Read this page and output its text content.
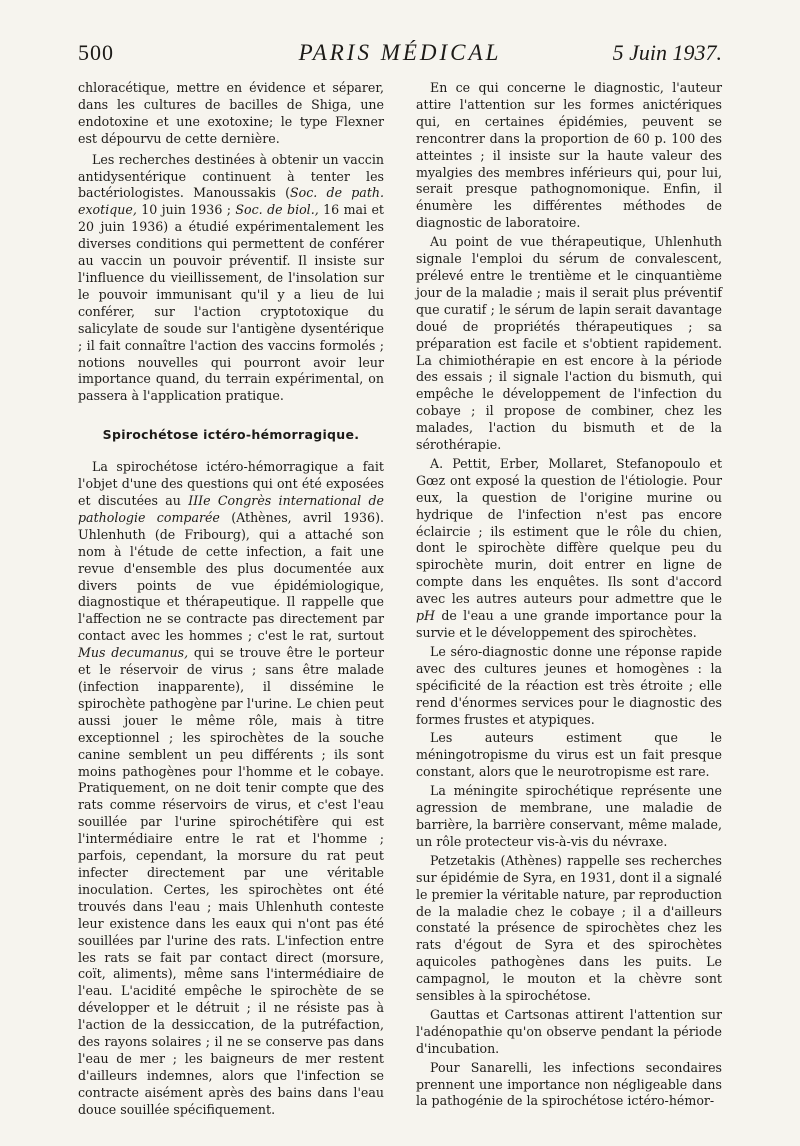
500	PARIS MÉDICAL	5 Juin 1937.

chloracétique, mettre en évidence et séparer, dans les cultures de bacilles de Shiga, une endotoxine et une exotoxine; le type Flexner est dépourvu de cette dernière.

Les recherches destinées à obtenir un vaccin antidysentérique continuent à tenter les bactériologistes. Manoussakis (Soc. de path. exotique, 10 juin 1936 ; Soc. de biol., 16 mai et 20 juin 1936) a étudié expérimentalement les diverses conditions qui permettent de conférer au vaccin un pouvoir préventif. Il insiste sur l'influence du vieillissement, de l'insolation sur le pouvoir immunisant qu'il y a lieu de lui conférer, sur l'action cryptotoxique du salicylate de soude sur l'antigène dysentérique ; il fait connaître l'action des vaccins formolés ; notions nouvelles qui pourront avoir leur importance quand, du terrain expérimental, on passera à l'application pratique.

Spirochétose ictéro-hémorragique.

La spirochétose ictéro-hémorragique a fait l'objet d'une des questions qui ont été exposées et discutées au IIIe Congrès international de pathologie comparée (Athènes, avril 1936). Uhlenhuth (de Fribourg), qui a attaché son nom à l'étude de cette infection, a fait une revue d'ensemble des plus documentée aux divers points de vue épidémiologique, diagnostique et thérapeutique. Il rappelle que l'affection ne se contracte pas directement par contact avec les hommes ; c'est le rat, surtout Mus decumanus, qui se trouve être le porteur et le réservoir de virus ; sans être malade (infection inapparente), il dissémine le spirochète pathogène par l'urine. Le chien peut aussi jouer le même rôle, mais à titre exceptionnel ; les spirochètes de la souche canine semblent un peu différents ; ils sont moins pathogènes pour l'homme et le cobaye. Pratiquement, on ne doit tenir compte que des rats comme réservoirs de virus, et c'est l'eau souillée par l'urine spirochétifère qui est l'intermédiaire entre le rat et l'homme ; parfois, cependant, la morsure du rat peut infecter directement par une véritable inoculation. Certes, les spirochètes ont été trouvés dans l'eau ; mais Uhlenhuth conteste leur existence dans les eaux qui n'ont pas été souillées par l'urine des rats. L'infection entre les rats se fait par contact direct (morsure, coït, aliments), même sans l'intermédiaire de l'eau. L'acidité empêche le spirochète de se développer et le détruit ; il ne résiste pas à l'action de la dessiccation, de la putréfaction, des rayons solaires ; il ne se conserve pas dans l'eau de mer ; les baigneurs de mer restent d'ailleurs indemnes, alors que l'infection se contracte aisément après des bains dans l'eau douce souillée spécifiquement.

En ce qui concerne le diagnostic, l'auteur attire l'attention sur les formes anictériques qui, en certaines épidémies, peuvent se rencontrer dans la proportion de 60 p. 100 des atteintes ; il insiste sur la haute valeur des myalgies des membres inférieurs qui, pour lui, serait presque pathognomonique. Enfin, il énumère les différentes méthodes de diagnostic de laboratoire.

Au point de vue thérapeutique, Uhlenhuth signale l'emploi du sérum de convalescent, prélevé entre le trentième et le cinquantième jour de la maladie ; mais il serait plus préventif que curatif ; le sérum de lapin serait davantage doué de propriétés thérapeutiques ; sa préparation est facile et s'obtient rapidement. La chimiothérapie en est encore à la période des essais ; il signale l'action du bismuth, qui empêche le développement de l'infection du cobaye ; il propose de combiner, chez les malades, l'action du bismuth et de la sérothérapie.

A. Pettit, Erber, Mollaret, Stefanopoulo et Gœz ont exposé la question de l'étiologie. Pour eux, la question de l'origine murine ou hydrique de l'infection n'est pas encore éclaircie ; ils estiment que le rôle du chien, dont le spirochète diffère quelque peu du spirochète murin, doit entrer en ligne de compte dans les enquêtes. Ils sont d'accord avec les autres auteurs pour admettre que le pH de l'eau a une grande importance pour la survie et le développement des spirochètes.

Le séro-diagnostic donne une réponse rapide avec des cultures jeunes et homogènes : la spécificité de la réaction est très étroite ; elle rend d'énormes services pour le diagnostic des formes frustes et atypiques.

Les auteurs estiment que le méningotropisme du virus est un fait presque constant, alors que le neurotropisme est rare.

La méningite spirochétique représente une agression de membrane, une maladie de barrière, la barrière conservant, même malade, un rôle protecteur vis-à-vis du névraxe.

Petzetakis (Athènes) rappelle ses recherches sur épidémie de Syra, en 1931, dont il a signalé le premier la véritable nature, par reproduction de la maladie chez le cobaye ; il a d'ailleurs constaté la présence de spirochètes chez les rats d'égout de Syra et des spirochètes aquicoles pathogènes dans les puits. Le campagnol, le mouton et la chèvre sont sensibles à la spirochétose.

Gauttas et Cartsonas attirent l'attention sur l'adénopathie qu'on observe pendant la période d'incubation.

Pour Sanarelli, les infections secondaires prennent une importance non négligeable dans la pathogénie de la spirochétose ictéro-hémor-
